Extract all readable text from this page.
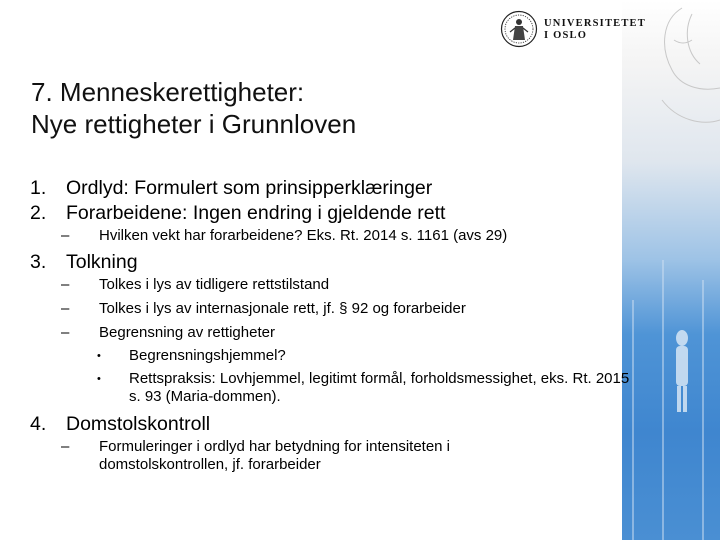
UNIVERSITETET
I OSLO
7. Menneskerettigheter:
Nye rettigheter i Grunnloven
1. Ordlyd: Formulert som prinsipperklæringer
2. Forarbeidene: Ingen endring i gjeldende rett
– Hvilken vekt har forarbeidene? Eks. Rt. 2014 s. 1161 (avs 29)
3. Tolkning
– Tolkes i lys av tidligere rettstilstand
– Tolkes i lys av internasjonale rett, jf. § 92 og forarbeider
– Begrensning av rettigheter
• Begrensningshjemmel?
• Rettspraksis: Lovhjemmel, legitimt formål, forholdsmessighet, eks. Rt. 2015 s. 93 (Maria-dommen).
4. Domstolskontroll
– Formuleringer i ordlyd har betydning for intensiteten i domstolskontrollen, jf. forarbeider
